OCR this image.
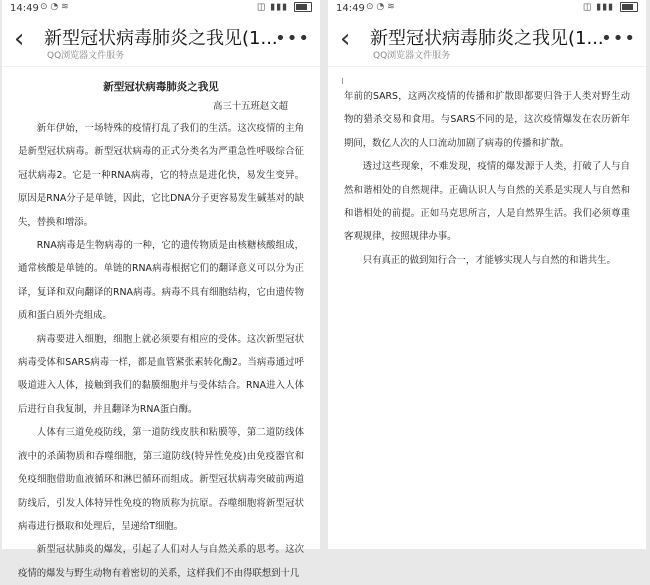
14:49 ⊙ ◔ ≋	◫ ▮▮▮
‹ 新型冠状病毒肺炎之我见(1...
QQ浏览器文件服务
•••
新型冠状病毒肺炎之我见
高三十五班赵文超

新年伊始，一场特殊的疫情打乱了我们的生活。这次疫情的主角是新型冠状病毒。新型冠状病毒的正式分类名为严重急性呼吸综合征冠状病毒2。它是一种RNA病毒，它的特点是进化快，易发生变异。原因是RNA分子是单链，因此，它比DNA分子更容易发生碱基对的缺失，替换和增添。

RNA病毒是生物病毒的一种，它的遗传物质是由核糖核酸组成，通常核酸是单链的。单链的RNA病毒根据它们的翻译意义可以分为正译，复译和双向翻译的RNA病毒。病毒不具有细胞结构，它由遗传物质和蛋白质外壳组成。

病毒要进入细胞，细胞上就必须要有相应的受体。这次新型冠状病毒受体和SARS病毒一样，都是血管紧张素转化酶2。当病毒通过呼吸道进入人体，接触到我们的黏膜细胞并与受体结合。RNA进入人体后进行自我复制，并且翻译为RNA蛋白酶。

人体有三道免疫防线，第一道防线皮肤和粘膜等，第二道防线体液中的杀菌物质和吞噬细胞，第三道防线(特异性免疫)由免疫器官和免疫细胞借助血液循环和淋巴循环而组成。新型冠状病毒突破前两道防线后，引发人体特异性免疫的物质称为抗原。吞噬细胞将新型冠状病毒进行摄取和处理后，呈递给T细胞。

新型冠状肺炎的爆发，引起了人们对人与自然关系的思考。这次疫情的爆发与野生动物有着密切的关系，这样我们不由得联想到十几

14:49 ⊙ ◔ ≋	◫ ▮▮▮
‹ 新型冠状病毒肺炎之我见(1...
QQ浏览器文件服务
•••

年前的SARS，这两次疫情的传播和扩散即都要归咎于人类对野生动物的猎杀交易和食用。与SARS不同的是，这次疫情爆发在农历新年期间，数亿人次的人口流动加剧了病毒的传播和扩散。

透过这些现象，不难发现，疫情的爆发源于人类，打破了人与自然和谐相处的自然规律。正确认识人与自然的关系是实现人与自然和和谐相处的前提。正如马克思所言，人是自然界生活。我们必须尊重客观规律，按照规律办事。

只有真正的做到知行合一，才能够实现人与自然的和谐共生。
